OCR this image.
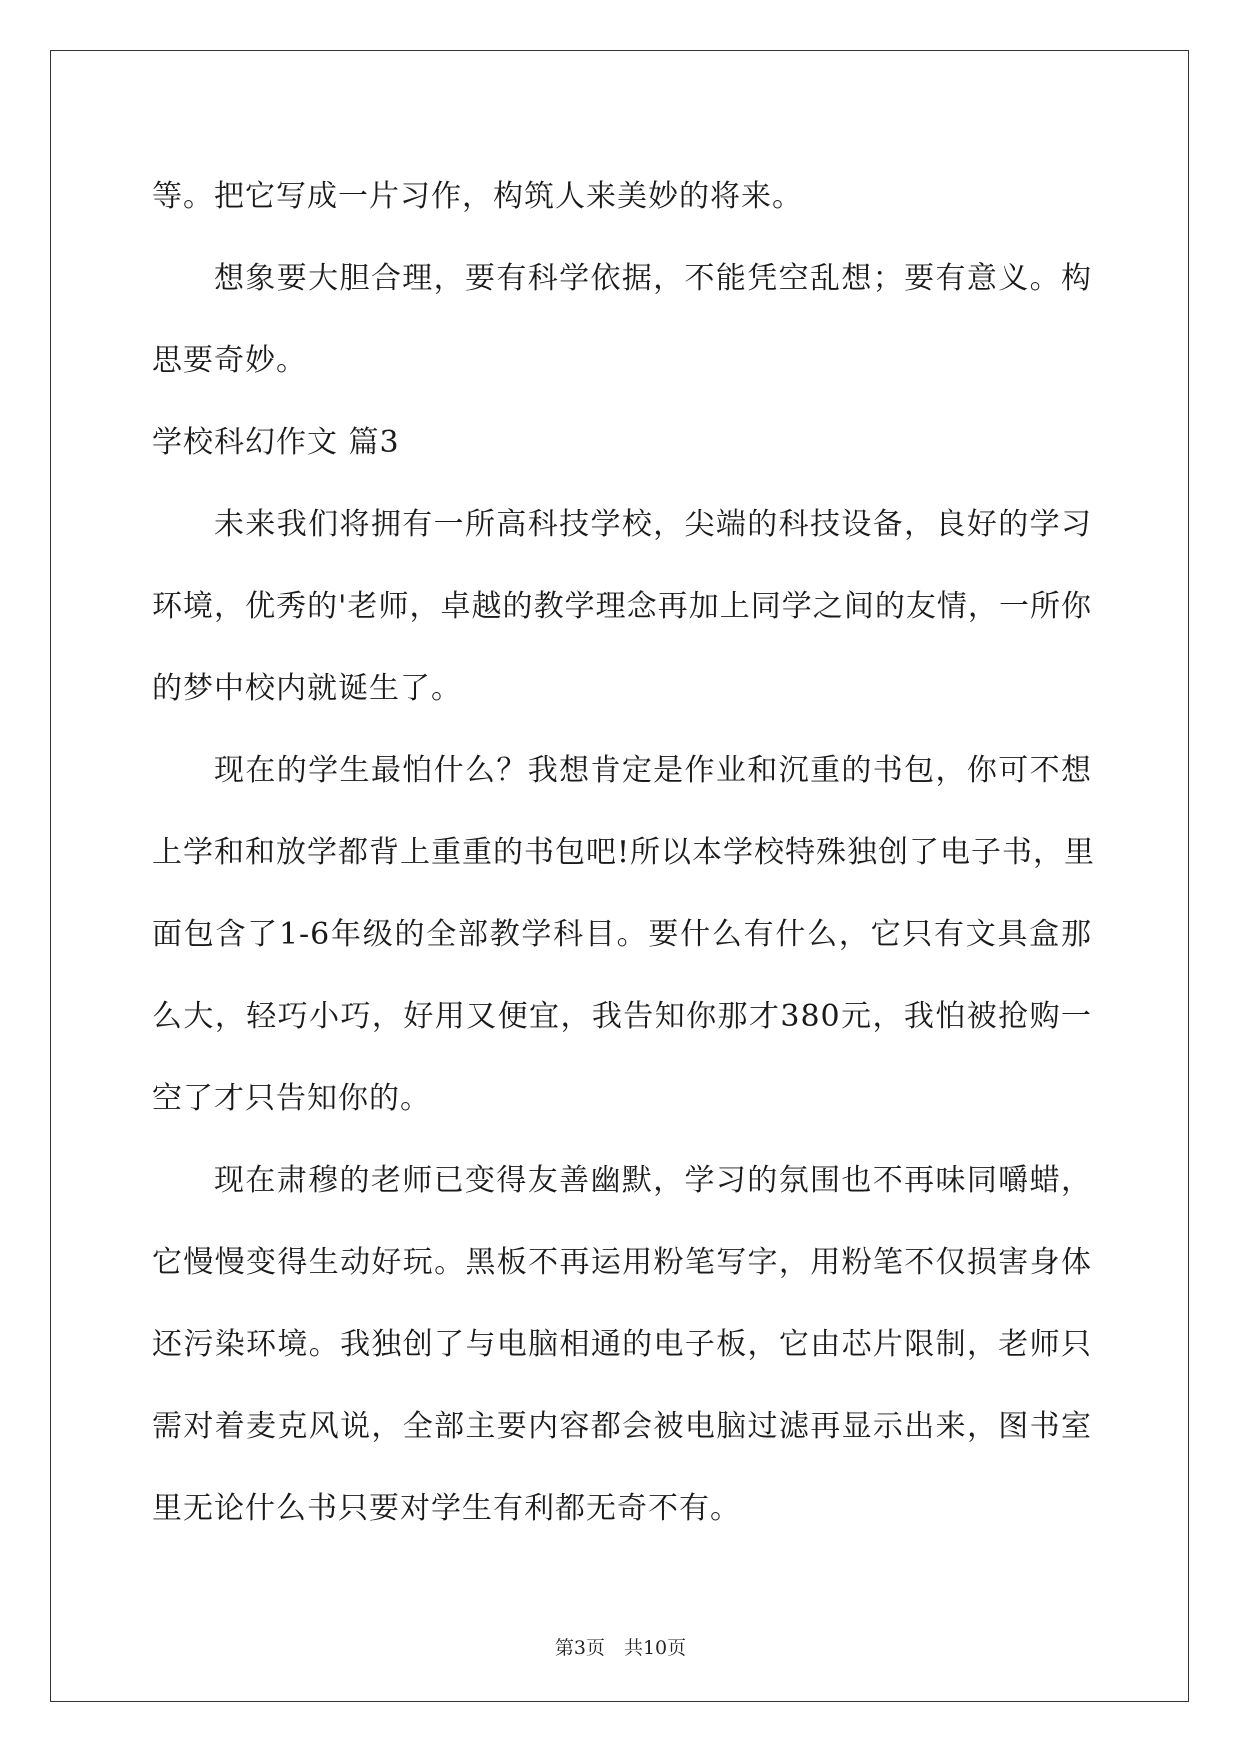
等。把它写成一片习作，构筑人来美妙的将来。
想象要大胆合理，要有科学依据，不能凭空乱想；要有意义。构
思要奇妙。
学校科幻作文 篇3
未来我们将拥有一所高科技学校，尖端的科技设备，良好的学习
环境，优秀的'老师，卓越的教学理念再加上同学之间的友情，一所你
的梦中校内就诞生了。
现在的学生最怕什么？我想肯定是作业和沉重的书包，你可不想
上学和和放学都背上重重的书包吧!所以本学校特殊独创了电子书，里
面包含了1-6年级的全部教学科目。要什么有什么，它只有文具盒那
么大，轻巧小巧，好用又便宜，我告知你那才380元，我怕被抢购一
空了才只告知你的。
现在肃穆的老师已变得友善幽默，学习的氛围也不再味同嚼蜡，
它慢慢变得生动好玩。黑板不再运用粉笔写字，用粉笔不仅损害身体
还污染环境。我独创了与电脑相通的电子板，它由芯片限制，老师只
需对着麦克风说，全部主要内容都会被电脑过滤再显示出来，图书室
里无论什么书只要对学生有利都无奇不有。
第3页　共10页
